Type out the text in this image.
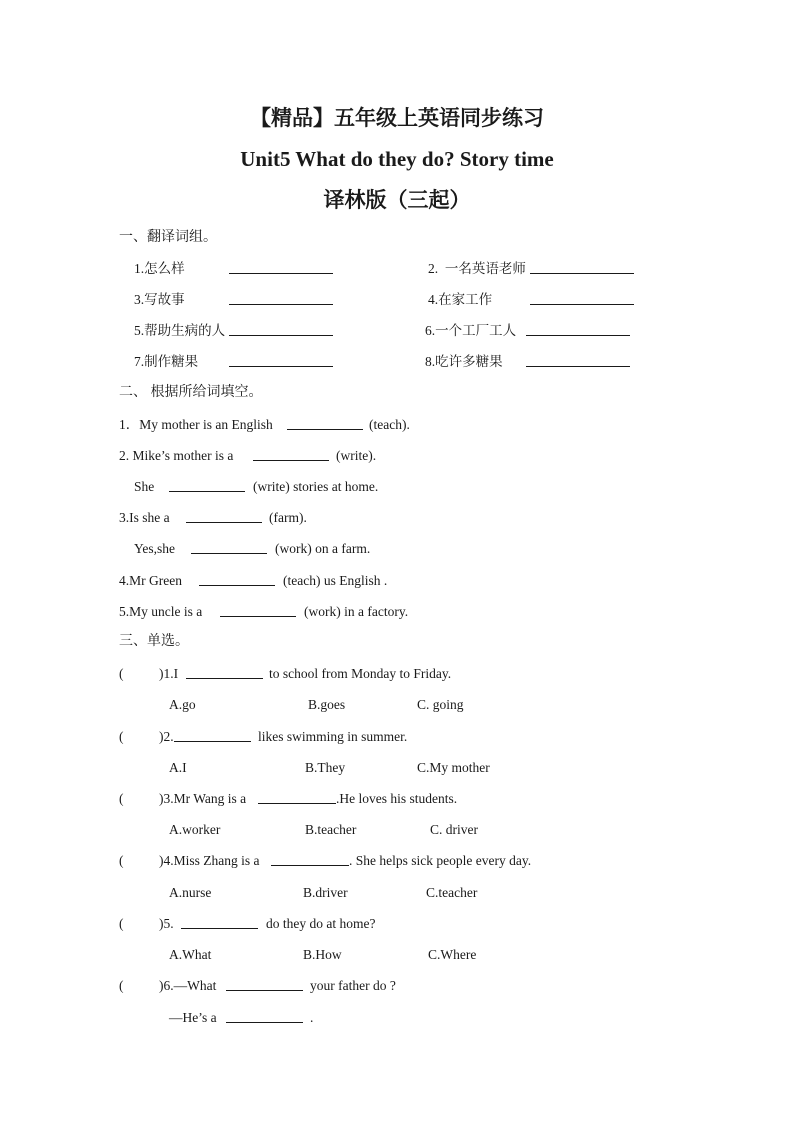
【精品】五年级上英语同步练习
Unit5 What do they do? Story time
译林版（三起）
一、翻译词组。
1.怎么样	2.  一名英语老师
3.写故事	4.在家工作
5.帮助生病的人	6.一个工厂工人
7.制作糖果	8.吃许多糖果
二、 根据所给词填空。
1．My mother is an English	(teach).
2. Mike’s mother is a	(write).
She	(write) stories at home.
3.Is she a	(farm).
Yes,she	(work) on a farm.
4.Mr Green	(teach) us English .
5.My uncle is a	(work) in a factory.
三、单选。
(	)1.I	to school from Monday to Friday.
A.go	B.goes	C. going
(	)2.	likes swimming in summer.
A.I	B.They	C.My mother
(	)3.Mr Wang is a	.He loves his students.
A.worker	B.teacher	C. driver
(	)4.Miss Zhang is a	. She helps sick people every day.
A.nurse	B.driver	C.teacher
(	)5.	do they do at home?
A.What	B.How	C.Where
(	)6.—What	your father do ?
—He’s a	.
